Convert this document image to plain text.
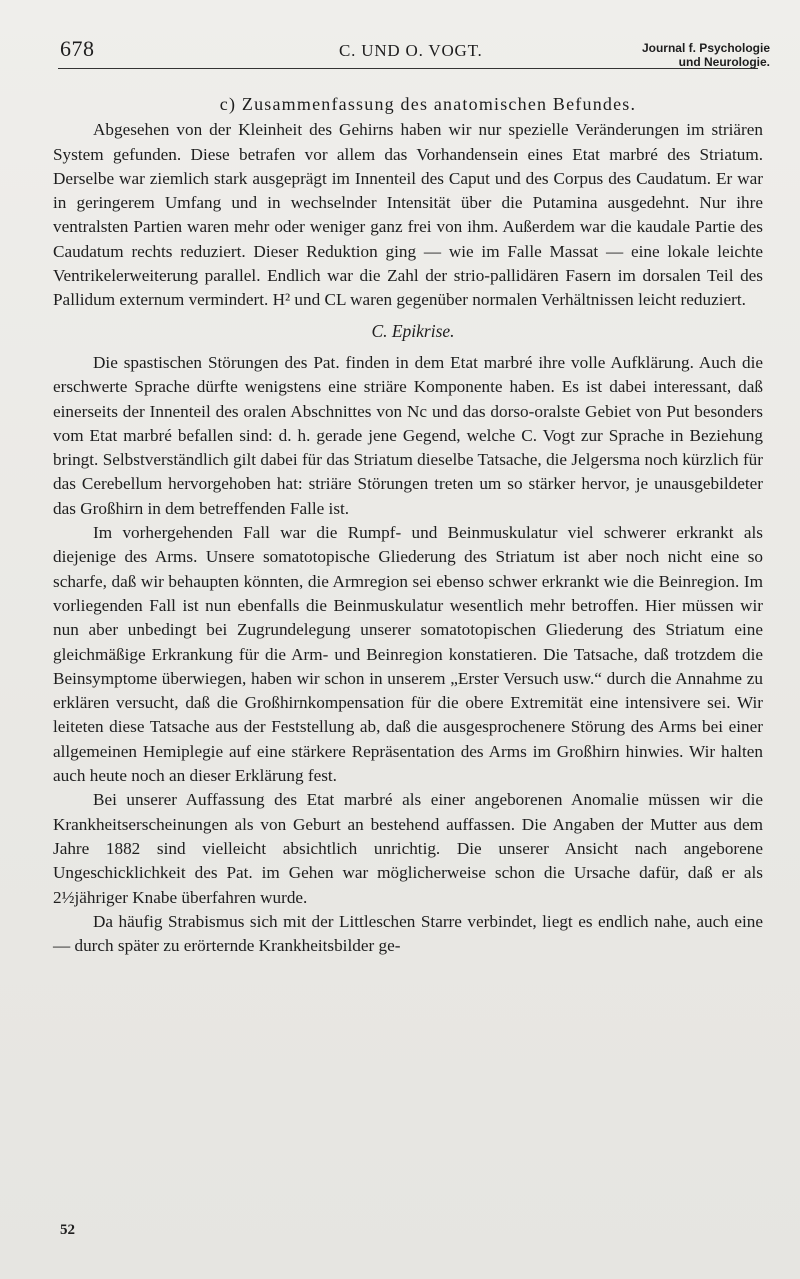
678	C. UND O. VOGT.	Journal f. Psychologie
und Neurologie.
c) Zusammenfassung des anatomischen Befundes.

Abgesehen von der Kleinheit des Gehirns haben wir nur spezielle Veränderungen im striären System gefunden. Diese betrafen vor allem das Vorhandensein eines Etat marbré des Striatum. Derselbe war ziemlich stark ausgeprägt im Innenteil des Caput und des Corpus des Caudatum. Er war in geringerem Umfang und in wechselnder Intensität über die Putamina ausgedehnt. Nur ihre ventralsten Partien waren mehr oder weniger ganz frei von ihm. Außerdem war die kaudale Partie des Caudatum rechts reduziert. Dieser Reduktion ging — wie im Falle Massat — eine lokale leichte Ventrikelerweiterung parallel. Endlich war die Zahl der strio-pallidären Fasern im dorsalen Teil des Pallidum externum vermindert. H² und CL waren gegenüber normalen Verhältnissen leicht reduziert.

C. Epikrise.

Die spastischen Störungen des Pat. finden in dem Etat marbré ihre volle Aufklärung. Auch die erschwerte Sprache dürfte wenigstens eine striäre Komponente haben. Es ist dabei interessant, daß einerseits der Innenteil des oralen Abschnittes von Nc und das dorso-oralste Gebiet von Put besonders vom Etat marbré befallen sind: d. h. gerade jene Gegend, welche C. Vogt zur Sprache in Beziehung bringt. Selbstverständlich gilt dabei für das Striatum dieselbe Tatsache, die Jelgersma noch kürzlich für das Cerebellum hervorgehoben hat: striäre Störungen treten um so stärker hervor, je unausgebildeter das Großhirn in dem betreffenden Falle ist.

Im vorhergehenden Fall war die Rumpf- und Beinmuskulatur viel schwerer erkrankt als diejenige des Arms. Unsere somatotopische Gliederung des Striatum ist aber noch nicht eine so scharfe, daß wir behaupten könnten, die Armregion sei ebenso schwer erkrankt wie die Beinregion. Im vorliegenden Fall ist nun ebenfalls die Beinmuskulatur wesentlich mehr betroffen. Hier müssen wir nun aber unbedingt bei Zugrundelegung unserer somatotopischen Gliederung des Striatum eine gleichmäßige Erkrankung für die Arm- und Beinregion konstatieren. Die Tatsache, daß trotzdem die Beinsymptome überwiegen, haben wir schon in unserem „Erster Versuch usw.“ durch die Annahme zu erklären versucht, daß die Großhirnkompensation für die obere Extremität eine intensivere sei. Wir leiteten diese Tatsache aus der Feststellung ab, daß die ausgesprochenere Störung des Arms bei einer allgemeinen Hemiplegie auf eine stärkere Repräsentation des Arms im Großhirn hinwies. Wir halten auch heute noch an dieser Erklärung fest.

Bei unserer Auffassung des Etat marbré als einer angeborenen Anomalie müssen wir die Krankheitserscheinungen als von Geburt an bestehend auffassen. Die Angaben der Mutter aus dem Jahre 1882 sind vielleicht absichtlich unrichtig. Die unserer Ansicht nach angeborene Ungeschicklichkeit des Pat. im Gehen war möglicherweise schon die Ursache dafür, daß er als 2½jähriger Knabe überfahren wurde.

Da häufig Strabismus sich mit der Littleschen Starre verbindet, liegt es endlich nahe, auch eine — durch später zu erörternde Krankheitsbilder ge-

52
